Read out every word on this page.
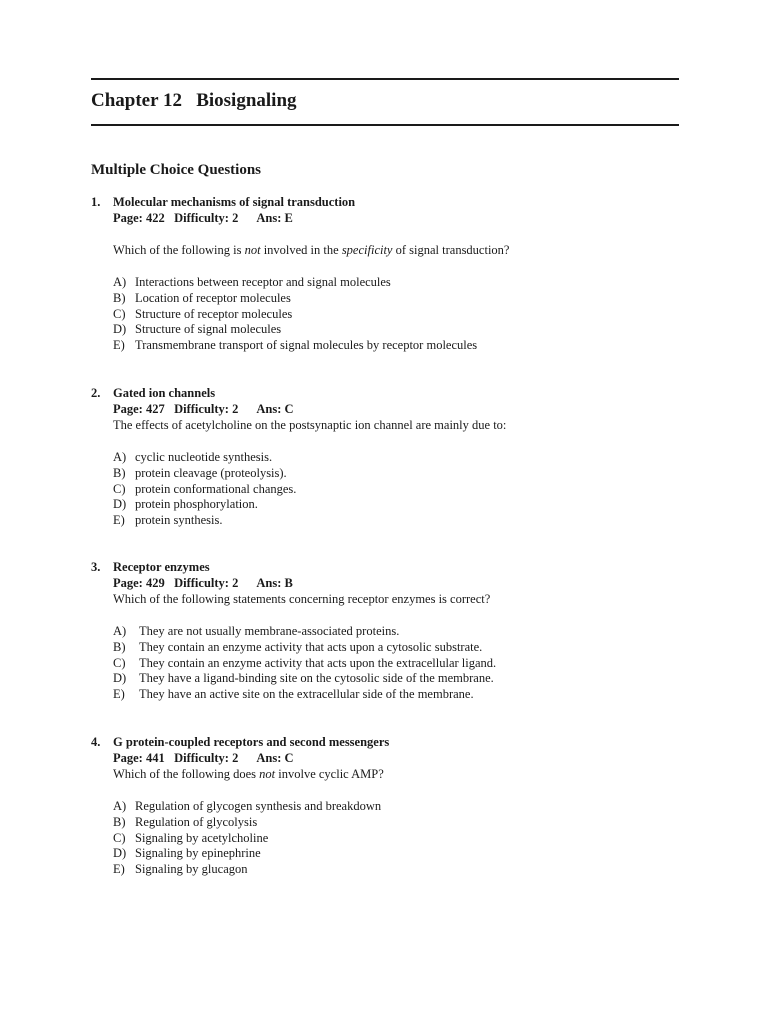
Chapter 12   Biosignaling
Multiple Choice Questions
1. Molecular mechanisms of signal transduction
Page: 422   Difficulty: 2      Ans: E
Which of the following is not involved in the specificity of signal transduction?
A) Interactions between receptor and signal molecules
B) Location of receptor molecules
C) Structure of receptor molecules
D) Structure of signal molecules
E) Transmembrane transport of signal molecules by receptor molecules
2. Gated ion channels
Page: 427   Difficulty: 2      Ans: C
The effects of acetylcholine on the postsynaptic ion channel are mainly due to:
A) cyclic nucleotide synthesis.
B) protein cleavage (proteolysis).
C) protein conformational changes.
D) protein phosphorylation.
E) protein synthesis.
3. Receptor enzymes
Page: 429   Difficulty: 2      Ans: B
Which of the following statements concerning receptor enzymes is correct?
A) They are not usually membrane-associated proteins.
B) They contain an enzyme activity that acts upon a cytosolic substrate.
C) They contain an enzyme activity that acts upon the extracellular ligand.
D) They have a ligand-binding site on the cytosolic side of the membrane.
E) They have an active site on the extracellular side of the membrane.
4. G protein-coupled receptors and second messengers
Page: 441   Difficulty: 2      Ans: C
Which of the following does not involve cyclic AMP?
A) Regulation of glycogen synthesis and breakdown
B) Regulation of glycolysis
C) Signaling by acetylcholine
D) Signaling by epinephrine
E) Signaling by glucagon
